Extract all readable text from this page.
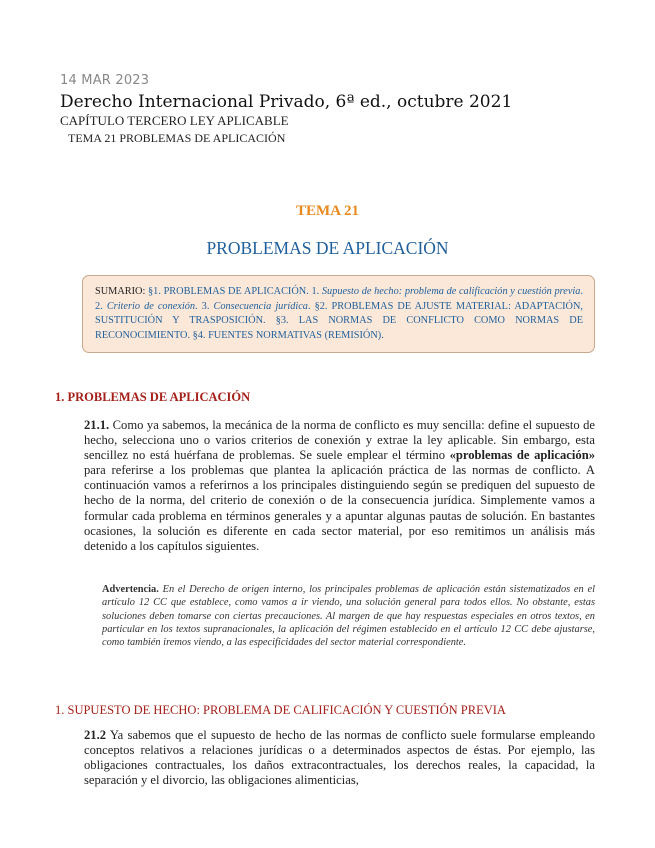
14 MAR 2023
Derecho Internacional Privado, 6ª ed., octubre 2021
CAPÍTULO TERCERO LEY APLICABLE
TEMA 21 PROBLEMAS DE APLICACIÓN
TEMA 21
PROBLEMAS DE APLICACIÓN
SUMARIO: §1. PROBLEMAS DE APLICACIÓN. 1. Supuesto de hecho: problema de calificación y cuestión previa. 2. Criterio de conexión. 3. Consecuencia jurídica. §2. PROBLEMAS DE AJUSTE MATERIAL: ADAPTACIÓN, SUSTITUCIÓN Y TRASPOSICIÓN. §3. LAS NORMAS DE CONFLICTO COMO NORMAS DE RECONOCIMIENTO. §4. FUENTES NORMATIVAS (REMISIÓN).
1. PROBLEMAS DE APLICACIÓN
21.1. Como ya sabemos, la mecánica de la norma de conflicto es muy sencilla: define el supuesto de hecho, selecciona uno o varios criterios de conexión y extrae la ley aplicable. Sin embargo, esta sencillez no está huérfana de problemas. Se suele emplear el término «problemas de aplicación» para referirse a los problemas que plantea la aplicación práctica de las normas de conflicto. A continuación vamos a referirnos a los principales distinguiendo según se prediquen del supuesto de hecho de la norma, del criterio de conexión o de la consecuencia jurídica. Simplemente vamos a formular cada problema en términos generales y a apuntar algunas pautas de solución. En bastantes ocasiones, la solución es diferente en cada sector material, por eso remitimos un análisis más detenido a los capítulos siguientes.
Advertencia. En el Derecho de origen interno, los principales problemas de aplicación están sistematizados en el artículo 12 CC que establece, como vamos a ir viendo, una solución general para todos ellos. No obstante, estas soluciones deben tomarse con ciertas precauciones. Al margen de que hay respuestas especiales en otros textos, en particular en los textos supranacionales, la aplicación del régimen establecido en el artículo 12 CC debe ajustarse, como también iremos viendo, a las especificidades del sector material correspondiente.
1. SUPUESTO DE HECHO: PROBLEMA DE CALIFICACIÓN Y CUESTIÓN PREVIA
21.2 Ya sabemos que el supuesto de hecho de las normas de conflicto suele formularse empleando conceptos relativos a relaciones jurídicas o a determinados aspectos de éstas. Por ejemplo, las obligaciones contractuales, los daños extracontractuales, los derechos reales, la capacidad, la separación y el divorcio, las obligaciones alimenticias,
